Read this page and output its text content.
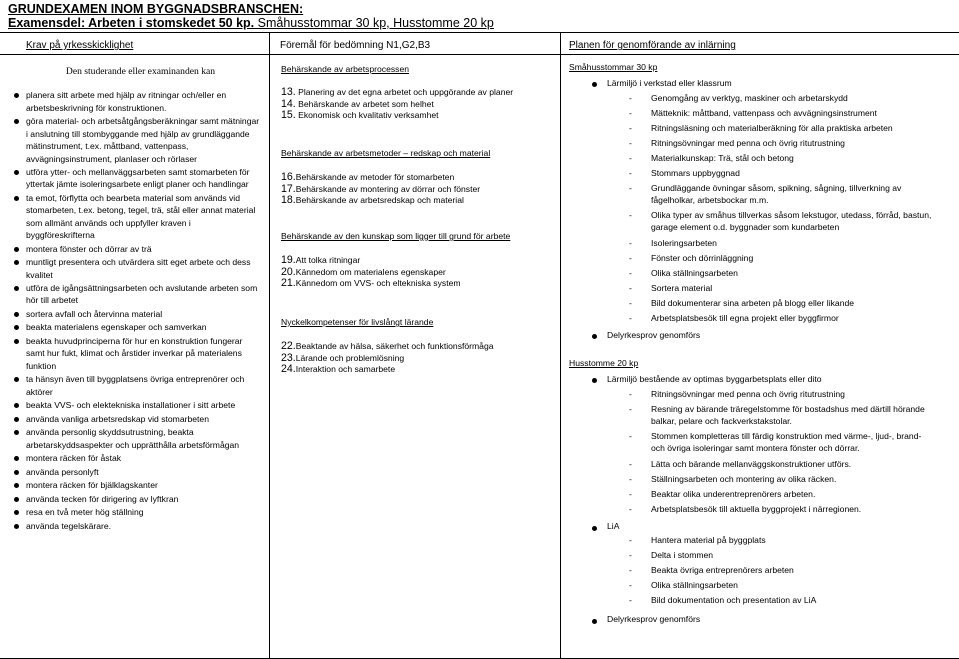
GRUNDEXAMEN INOM BYGGNADSBRANSCHEN:
Examensdel: Arbeten i stomskedet 50 kp. Småhusstommar 30 kp, Husstomme 20 kp
Krav på yrkesskicklighet	Föremål för bedömning N1,G2,B3	Planen för genomförande av inlärning
Den studerande eller examinanden kan
planera sitt arbete med hjälp av ritningar och/eller en arbetsbeskrivning för konstruktionen.
göra material- och arbetsåtgångsberäkningar samt mätningar i anslutning till stombyggande med hjälp av grundläggande mätinstrument, t.ex. måttband, vattenpass, avvägningsinstrument, planlaser och rörlaser
utföra ytter- och mellanväggsarbeten samt stomarbeten för yttertak jämte isoleringsarbete enligt planer och handlingar
ta emot, förflytta och bearbeta material som används vid stomarbeten, t.ex. betong, tegel, trä, stål eller annat material som allmänt används och uppfyller kraven i byggföreskrifterna
montera fönster och dörrar av trä
muntligt presentera och utvärdera sitt eget arbete och dess kvalitet
utföra de igångsättningsarbeten och avslutande arbeten som hör till arbetet
sortera avfall och återvinna material
beakta materialens egenskaper och samverkan
beakta huvudprinciperna för hur en konstruktion fungerar samt hur fukt, klimat och årstider inverkar på materialens funktion
ta hänsyn även till byggplatsens övriga entreprenörer och aktörer
beakta VVS- och elektekniska installationer i sitt arbete
använda vanliga arbetsredskap vid stomarbeten
använda personlig skyddsutrustning, beakta arbetarskyddsaspekter och upprätthålla arbetsförmågan
montera räcken för åstak
använda personlyft
montera räcken för bjälklagskanter
använda tecken för dirigering av lyftkran
resa en två meter hög ställning
använda tegelskärare.
Behärskande av arbetsprocessen
13. Planering av det egna arbetet och uppgörande av planer
14. Behärskande av arbetet som helhet
15. Ekonomisk och kvalitativ verksamhet
Behärskande av arbetsmetoder – redskap och material
16.Behärskande av metoder för stomarbeten
17.Behärskande av montering av dörrar och fönster
18.Behärskande av arbetsredskap och material
Behärskande av den kunskap som ligger till grund för arbete
19.Att tolka ritningar
20.Kännedom om materialens egenskaper
21.Kännedom om VVS- och eltekniska system
Nyckelkompetenser för livslångt lärande
22.Beaktande av hälsa, säkerhet och funktionsförmåga
23.Lärande och problemlösning
24.Interaktion och samarbete
Småhusstommar 30 kp
Lärmiljö i verkstad eller klassrum
- Genomgång av verktyg, maskiner och arbetarskydd
- Mätteknik: måttband, vattenpass och avvägningsinstrument
- Ritningsläsning och materialberäkning för alla praktiska arbeten
- Ritningsövningar med penna och övrig ritutrustning
- Materialkunskap: Trä, stål och betong
- Stommars uppbyggnad
- Grundläggande övningar såsom, spikning, sågning, tillverkning av
fågelholkar, arbetsbockar m.m.
- Olika typer av småhus tillverkas såsom lekstugor, utedass, förråd, bastun,
garage element o.d. byggnader som kundarbeten
- Isoleringsarbeten
- Fönster och dörrinläggning
- Olika ställningsarbeten
- Sortera material
- Bild dokumenterar sina arbeten på blogg eller likande
- Arbetsplatsbesök till egna projekt eller byggfirmor
Delyrkesprov genomförs
Husstomme 20 kp
Lärmiljö bestående av optimas byggarbetsplats eller dito
- Ritningsövningar med penna och övrig ritutrustning
- Resning av bärande träregelstomme för bostadshus med därtill hörande
balkar, pelare och fackverkstakstolar.
- Stommen kompletteras till färdig konstruktion med värme-, ljud-, brand-
och övriga isoleringar samt montera fönster och dörrar.
- Lätta och bärande mellanväggskonstruktioner utförs.
- Ställningsarbeten och montering av olika räcken.
- Beaktar olika underentreprenörers arbeten.
- Arbetsplatsbesök till aktuella byggprojekt i närregionen.
LiA
- Hantera material på byggplats
- Delta i stommen
- Beakta övriga entreprenörers arbeten
- Olika ställningsarbeten
- Bild dokumentation och presentation av LiA
Delyrkesprov genomförs
